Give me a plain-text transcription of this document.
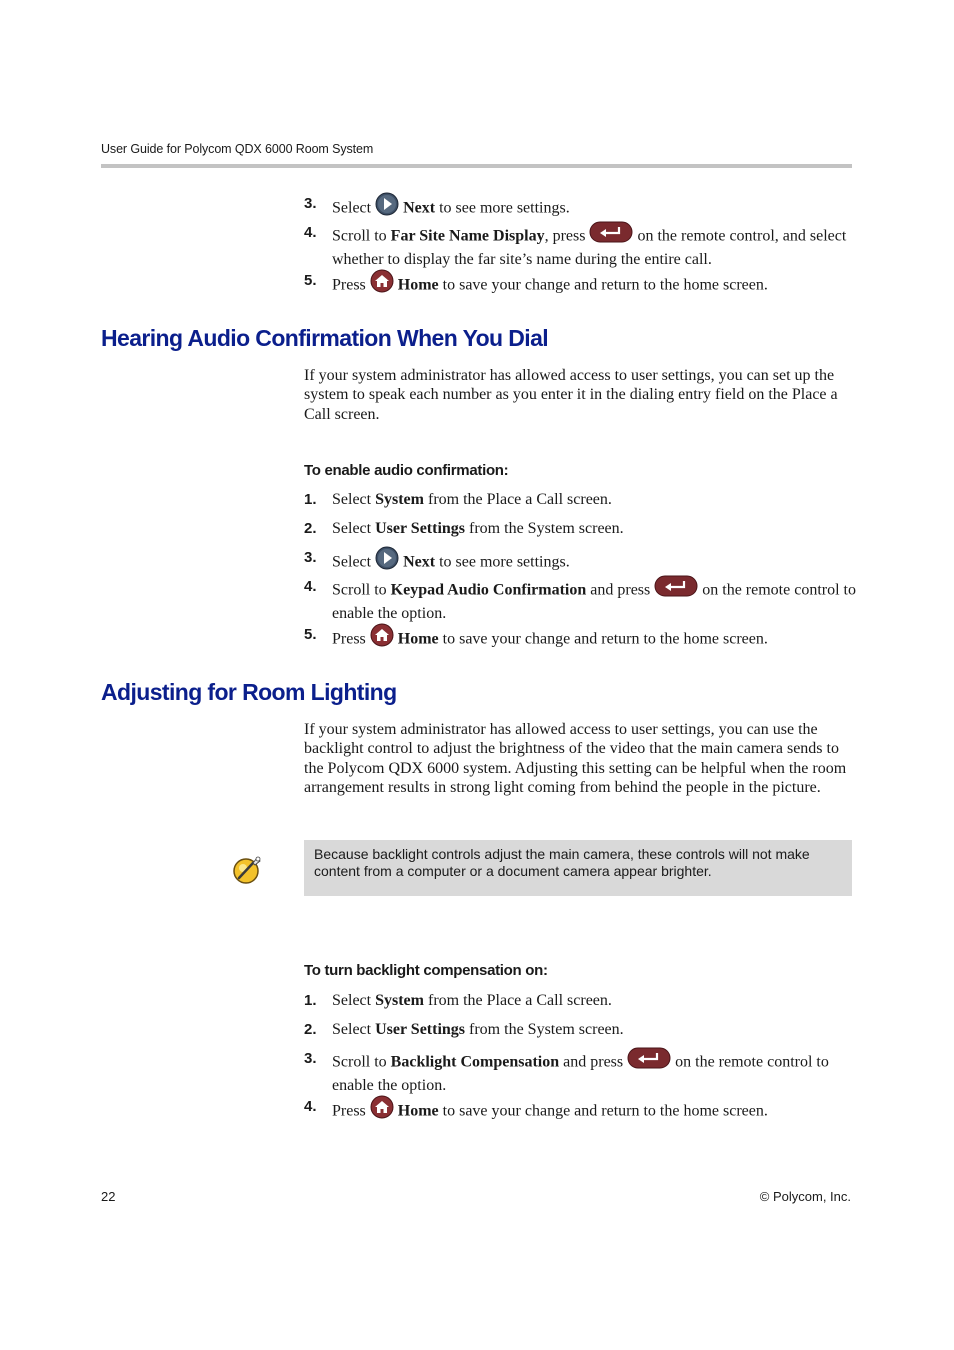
User Guide for Polycom QDX 6000 Room System
3. Select Next to see more settings.
4. Scroll to Far Site Name Display, press	on the remote control, and select whether to display the far site’s name during the entire call.
5. Press Home to save your change and return to the home screen.
Hearing Audio Confirmation When You Dial
If your system administrator has allowed access to user settings, you can set up the system to speak each number as you enter it in the dialing entry field on the Place a Call screen.
To enable audio confirmation:
1. Select System from the Place a Call screen.
2. Select User Settings from the System screen.
3. Select Next to see more settings.
4. Scroll to Keypad Audio Confirmation and press	on the remote control to enable the option.
5. Press Home to save your change and return to the home screen.
Adjusting for Room Lighting
If your system administrator has allowed access to user settings, you can use the backlight control to adjust the brightness of the video that the main camera sends to the Polycom QDX 6000 system. Adjusting this setting can be helpful when the room arrangement results in strong light coming from behind the people in the picture.
Because backlight controls adjust the main camera, these controls will not make content from a computer or a document camera appear brighter.
To turn backlight compensation on:
1. Select System from the Place a Call screen.
2. Select User Settings from the System screen.
3. Scroll to Backlight Compensation and press	on the remote control to enable the option.
4. Press Home to save your change and return to the home screen.
22	© Polycom, Inc.
